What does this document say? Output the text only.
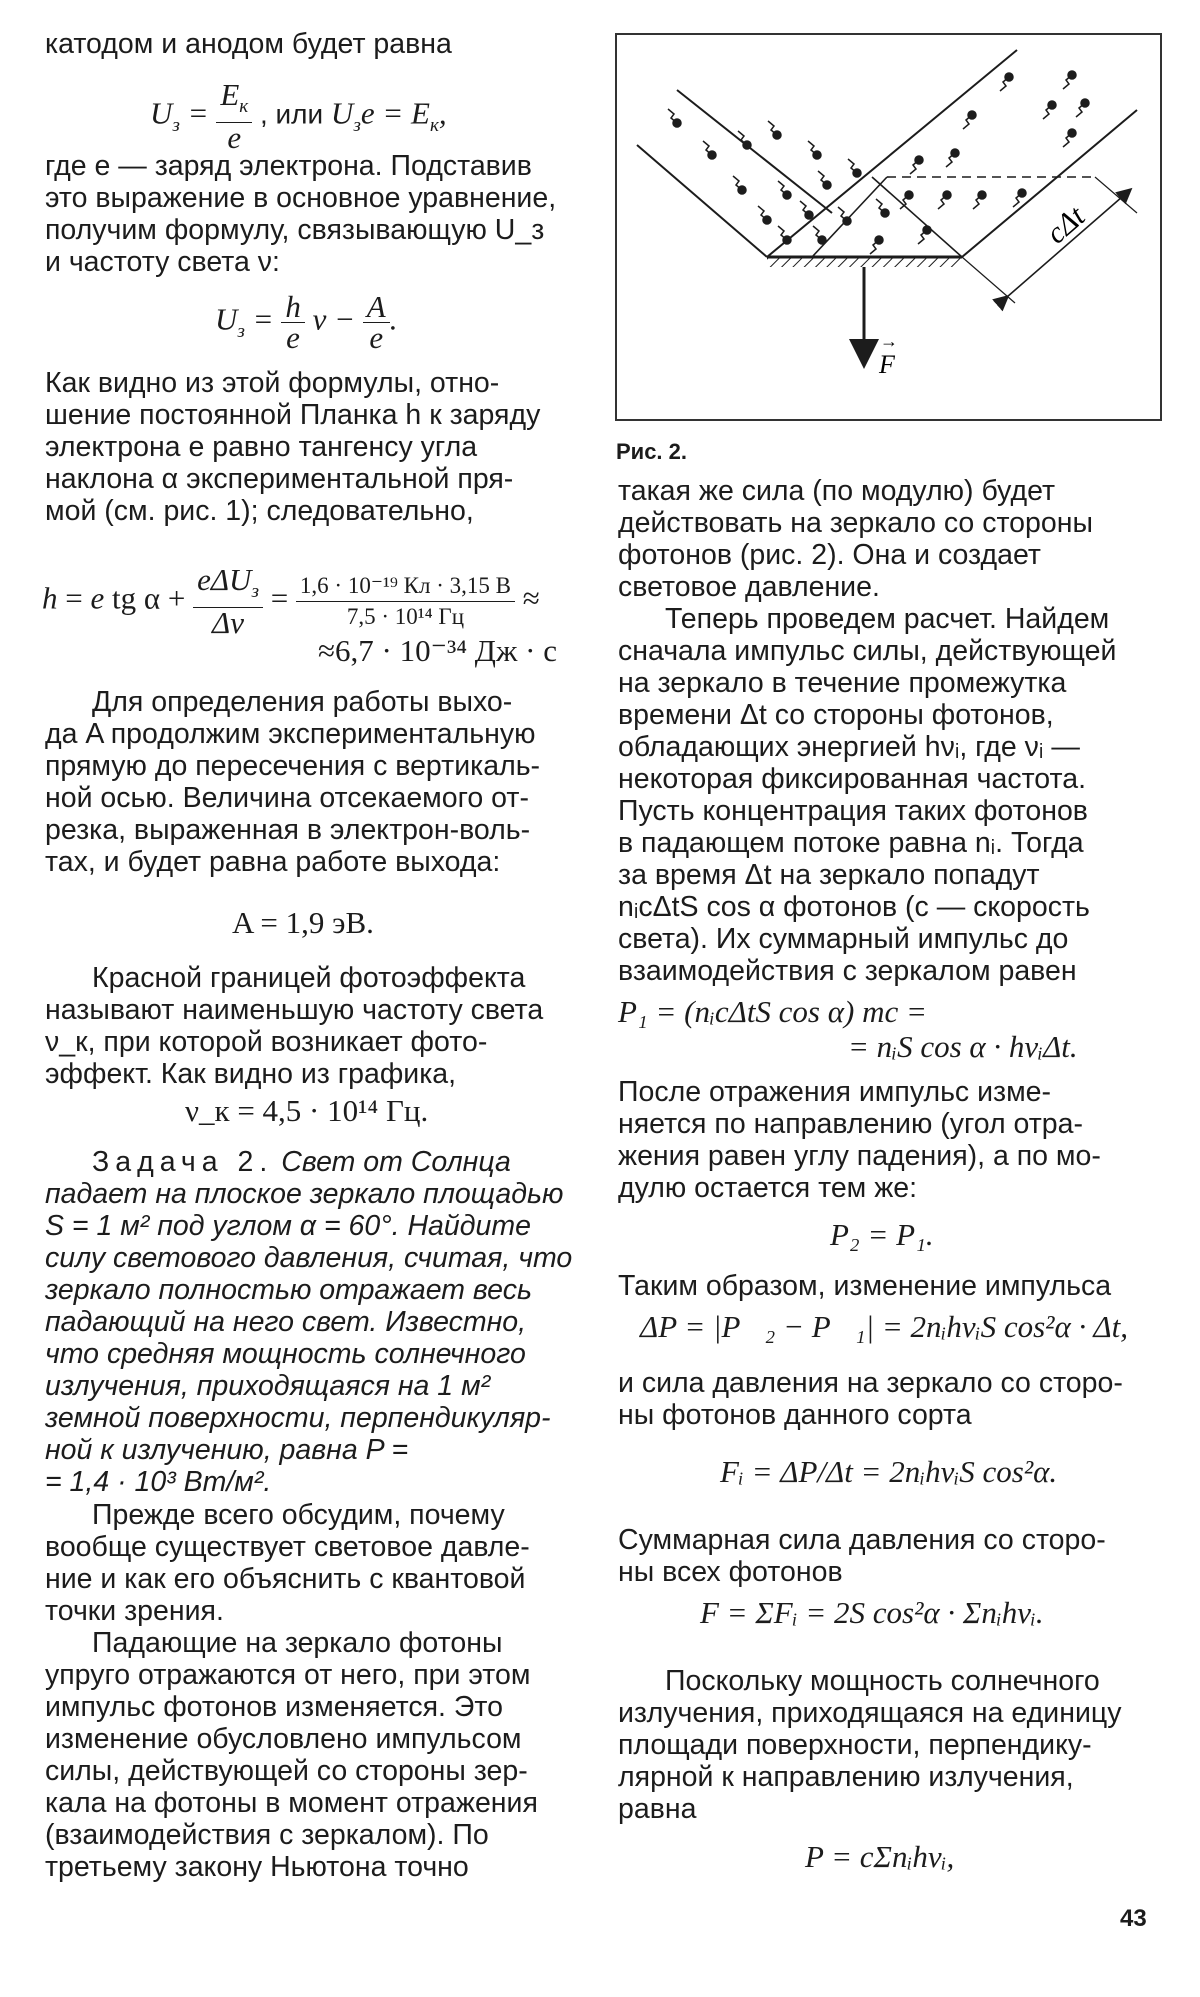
катодом и анодом будет равна
$U_з = \frac{E_к}{e}$ , или $U_зe = E_к$,
где e — заряд электрона. Подставив
это выражение в основное уравнение,
получим формулу, связывающую U_з
и частоту света ν:
$U_з = \frac{h}{e}$ $\nu - \frac{A}{e}$ .
Как видно из этой формулы, отно-
шение постоянной Планка h к заряду
электрона e равно тангенсу угла
наклона α экспериментальной пря-
мой (см. рис. 1); следовательно,
h = e tg $\alpha + \frac{e\Delta U_з}{\Delta\nu} = \frac{\text{1,6 · 10⁻¹⁹ Кл · 3,15 В}}{\text{7,5 · 10¹⁴ Гц}}$ ≈
≈6,7 · 10⁻³⁴ Дж · с
Для определения работы выхо-
да A продолжим экспериментальную
прямую до пересечения с вертикаль-
ной осью. Величина отсекаемого от-
резка, выраженная в электрон-воль-
тах, и будет равна работе выхода:
A = 1,9 эВ.
Красной границей фотоэффекта
называют наименьшую частоту света
ν_к, при которой возникает фото-
эффект. Как видно из графика,
ν_к = 4,5 · 10¹⁴ Гц.
Задача 2. Свет от Солнца
падает на плоское зеркало площадью
S = 1 м² под углом α = 60°. Найдите
силу светового давления, считая, что
зеркало полностью отражает весь
падающий на него свет. Известно,
что средняя мощность солнечного
излучения, приходящаяся на 1 м²
земной поверхности, перпендикуляр-
ной к излучению, равна P =
= 1,4 · 10³ Вт/м².
Прежде всего обсудим, почему
вообще существует световое давле-
ние и как его объяснить с квантовой
точки зрения.
Падающие на зеркало фотоны
упруго отражаются от него, при этом
импульс фотонов изменяется. Это
изменение обусловлено импульсом
силы, действующей со стороны зер-
кала на фотоны в момент отражения
(взаимодействия с зеркалом). По
третьему закону Ньютона точно
cΔt
F
→
Рис. 2.
такая же сила (по модулю) будет
действовать на зеркало со стороны
фотонов (рис. 2). Она и создает
световое давление.
Теперь проведем расчет. Найдем
сначала импульс силы, действующей
на зеркало в течение промежутка
времени Δt со стороны фотонов,
обладающих энергией hνᵢ, где νᵢ —
некоторая фиксированная частота.
Пусть концентрация таких фотонов
в падающем потоке равна nᵢ. Тогда
за время Δt на зеркало попадут
nᵢcΔtS cos α фотонов (c — скорость
света). Их суммарный импульс до
взаимодействия с зеркалом равен
P₁ = (nᵢcΔtS cos α) mc =
= nᵢS cos α · hνᵢΔt.
После отражения импульс изме-
няется по направлению (угол отра-
жения равен углу падения), а по мо-
дулю остается тем же:
P₂ = P₁.
Таким образом, изменение импульса
ΔP = |P⃗₂ − P⃗₁| = 2nᵢhνᵢS cos²α · Δt,
и сила давления на зеркало со сторо-
ны фотонов данного сорта
Fᵢ = ΔP/Δt = 2nᵢhνᵢS cos²α.
Суммарная сила давления со сторо-
ны всех фотонов
F = ΣFᵢ = 2S cos²α · Σnᵢhνᵢ.
Поскольку мощность солнечного
излучения, приходящаяся на единицу
площади поверхности, перпендику-
лярной к направлению излучения,
равна
P = cΣnᵢhνᵢ,
43
